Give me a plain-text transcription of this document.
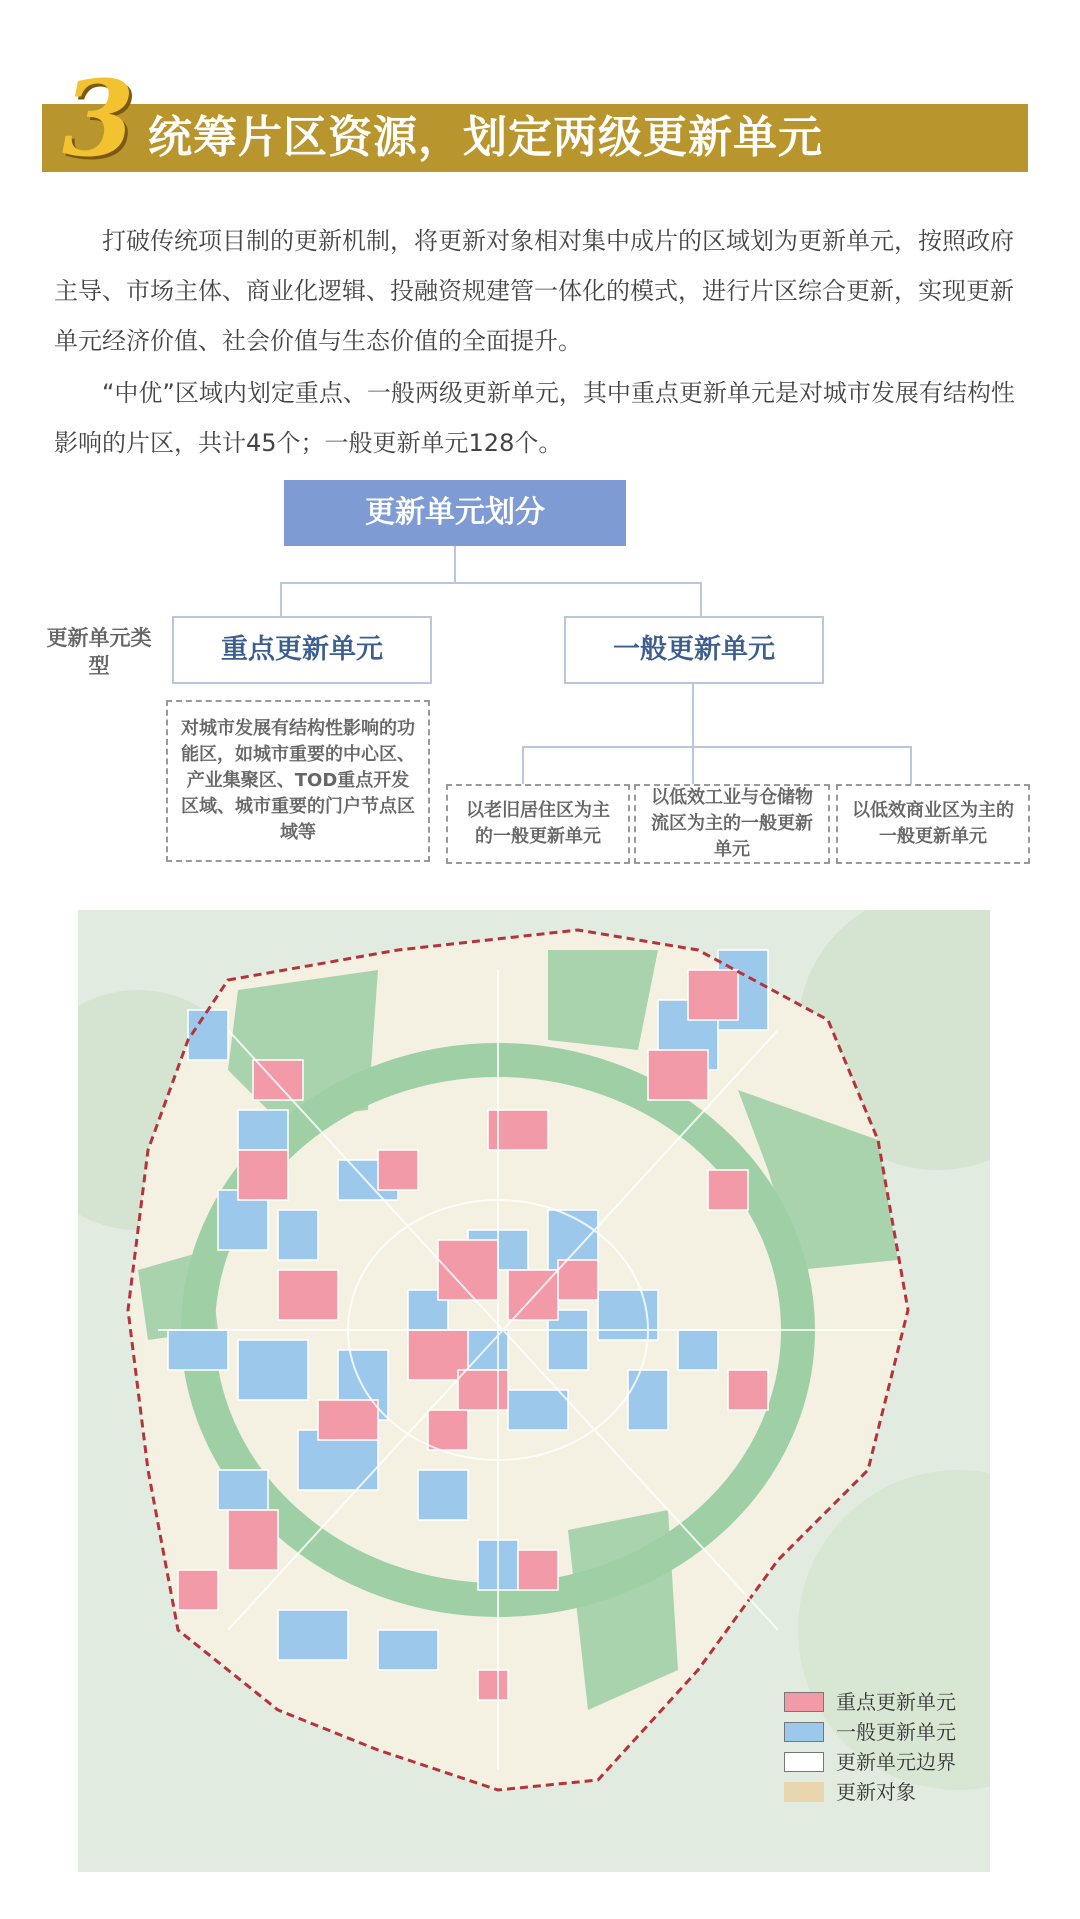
3 统筹片区资源，划定两级更新单元
打破传统项目制的更新机制，将更新对象相对集中成片的区域划为更新单元，按照政府主导、市场主体、商业化逻辑、投融资规建管一体化的模式，进行片区综合更新，实现更新单元经济价值、社会价值与生态价值的全面提升。
“中优”区域内划定重点、一般两级更新单元，其中重点更新单元是对城市发展有结构性影响的片区，共计45个；一般更新单元128个。
更新单元划分
更新单元类型
重点更新单元	一般更新单元
对城市发展有结构性影响的功能区，如城市重要的中心区、产业集聚区、TOD重点开发区域、城市重要的门户节点区域等
以老旧居住区为主的一般更新单元
以低效工业与仓储物流区为主的一般更新单元
以低效商业区为主的一般更新单元
重点更新单元
一般更新单元
更新单元边界
更新对象
